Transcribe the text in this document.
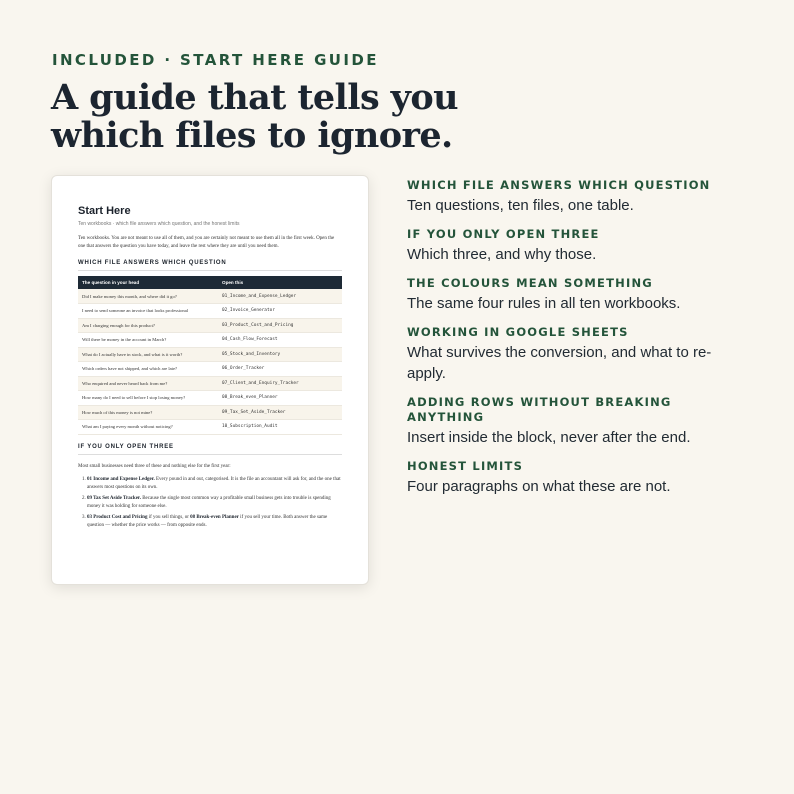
INCLUDED · START HERE GUIDE
A guide that tells you which files to ignore.
Start Here
Ten workbooks · which file answers which question, and the honest limits

Ten workbooks. You are not meant to use all of them, and you are certainly not meant to use them all in the first week. Open the one that answers the question you have today, and leave the rest where they are until you need them.

WHICH FILE ANSWERS WHICH QUESTION
The question in your head	Open this
Did I make money this month, and where did it go?	01_Income_and_Expense_Ledger
I need to send someone an invoice that looks professional	02_Invoice_Generator
Am I charging enough for this product?	03_Product_Cost_and_Pricing
Will there be money in the account in March?	04_Cash_Flow_Forecast
What do I actually have in stock, and what is it worth?	05_Stock_and_Inventory
Which orders have not shipped, and which are late?	06_Order_Tracker
Who enquired and never heard back from me?	07_Client_and_Enquiry_Tracker
How many do I need to sell before I stop losing money?	08_Break_even_Planner
How much of this money is not mine?	09_Tax_Set_Aside_Tracker
What am I paying every month without noticing?	10_Subscription_Audit
IF YOU ONLY OPEN THREE

Most small businesses need three of these and nothing else for the first year:

1. 01 Income and Expense Ledger. Every pound in and out, categorised. It is the file an accountant will ask for, and the one that answers most questions on its own.
2. 09 Tax Set Aside Tracker. Because the single most common way a profitable small business gets into trouble is spending money it was holding for someone else.
3. 03 Product Cost and Pricing if you sell things, or 08 Break-even Planner if you sell your time. Both answer the same question — whether the price works — from opposite ends.
WHICH FILE ANSWERS WHICH QUESTION
Ten questions, ten files, one table.
IF YOU ONLY OPEN THREE
Which three, and why those.
THE COLOURS MEAN SOMETHING
The same four rules in all ten workbooks.
WORKING IN GOOGLE SHEETS
What survives the conversion, and what to re-apply.
ADDING ROWS WITHOUT BREAKING ANYTHING
Insert inside the block, never after the end.
HONEST LIMITS
Four paragraphs on what these are not.
